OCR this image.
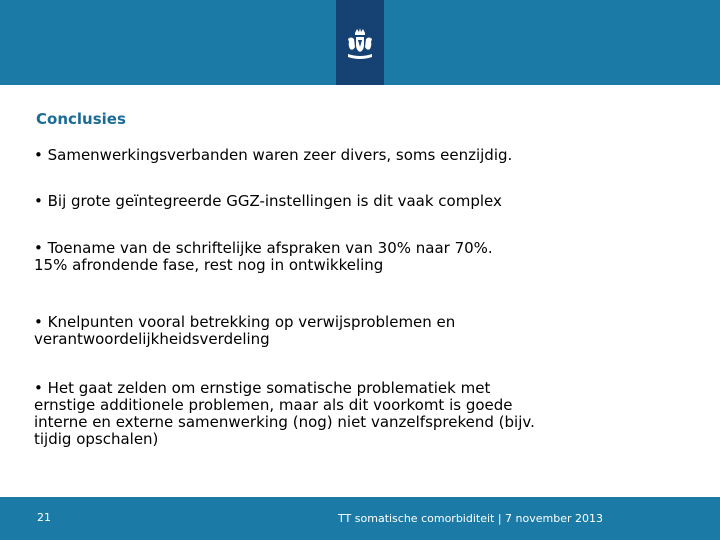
Conclusies
• Samenwerkingsverbanden waren zeer divers, soms eenzijdig.
• Bij grote geïntegreerde GGZ-instellingen is dit vaak complex
• Toename van de schriftelijke afspraken van 30% naar 70%.
15% afrondende fase, rest nog in ontwikkeling
• Knelpunten vooral betrekking op verwijsproblemen en
verantwoordelijkheidsverdeling
• Het gaat zelden om ernstige somatische problematiek met
ernstige additionele problemen, maar als dit voorkomt is goede
interne en externe samenwerking (nog) niet vanzelfsprekend (bijv.
tijdig opschalen)
21	TT somatische comorbiditeit | 7 november 2013
